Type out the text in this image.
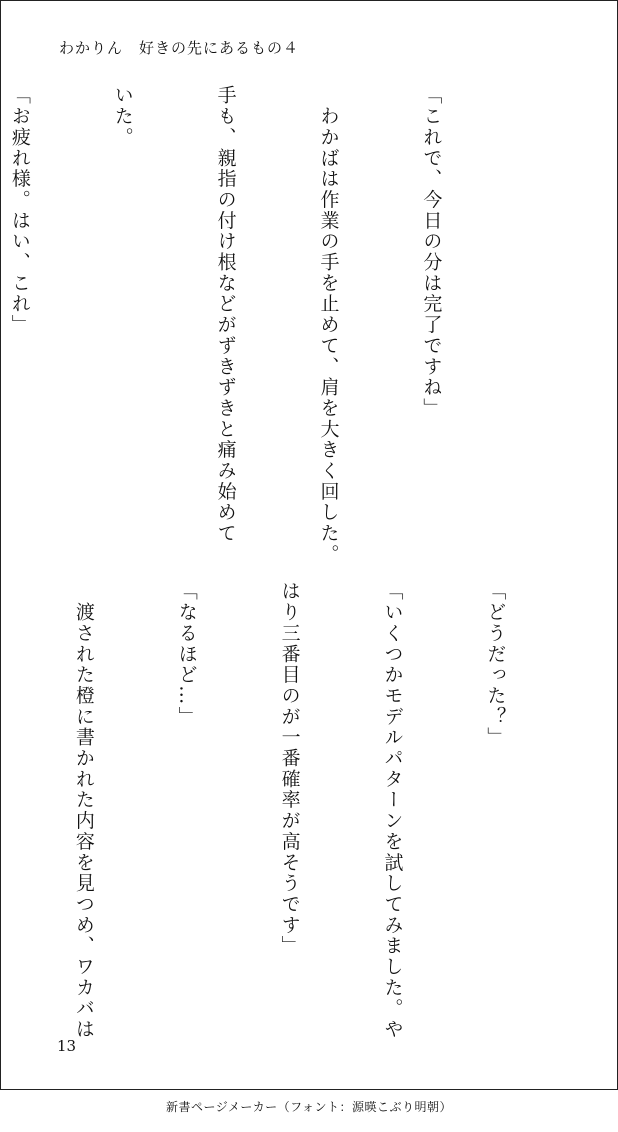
わかりん　好きの先にあるもの４

「これで、今日の分は完了ですね」

　わかばは作業の手を止めて、肩を大きく回した。

手も、親指の付け根などがずきずきと痛み始めて

いた。

「お疲れ様。はい、これ」

「どうだった？」

「いくつかモデルパターンを試してみました。や

はり三番目のが一番確率が高そうです」

「なるほど…」

　渡された橙に書かれた内容を見つめ、ワカバは

13
新書ページメーカー（フォント：源暎こぶり明朝）
